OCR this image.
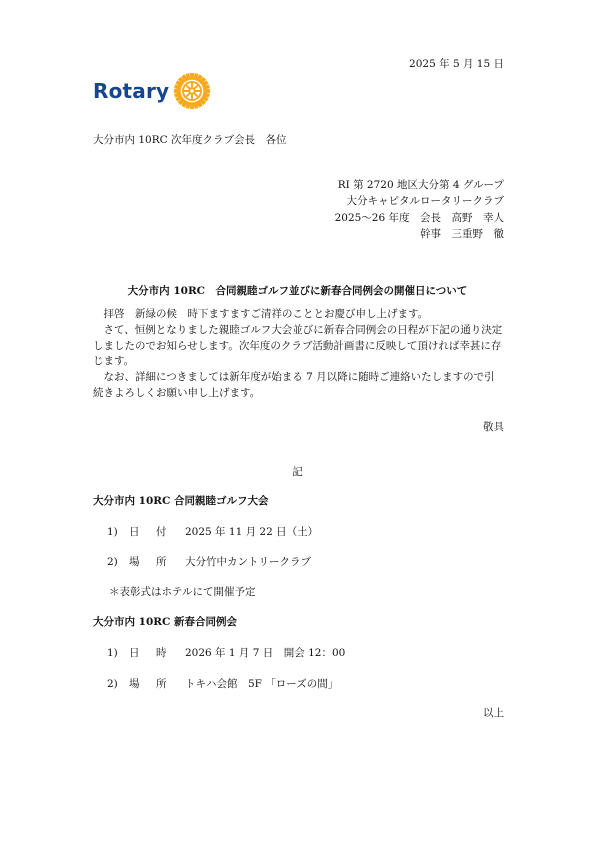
2025 年 5 月 15 日
Rotary
大分市内 10RC 次年度クラブ会長　各位
RI 第 2720 地区大分第 4 グループ
大分キャピタルロータリークラブ
2025～26 年度　会長　高野　幸人
幹事　三重野　徹
大分市内 10RC　合同親睦ゴルフ並びに新春合同例会の開催日について

拝啓　新緑の候　時下ますますご清祥のこととお慶び申し上げます。

さて、恒例となりました親睦ゴルフ大会並びに新春合同例会の日程が下記の通り決定しましたのでお知らせします。次年度のクラブ活動計画書に反映して頂ければ幸甚に存じます。

なお、詳細につきましては新年度が始まる 7 月以降に随時ご連絡いたしますので引続きよろしくお願い申し上げます。

敬具
記
大分市内 10RC 合同親睦ゴルフ大会
1) 日　付 2025 年 11 月 22 日（土）
2) 場　所 大分竹中カントリークラブ
＊表彰式はホテルにて開催予定
大分市内 10RC 新春合同例会
1) 日　時 2026 年 1 月 7 日　開会 12：00
2) 場　所 トキハ会館　5F 「ローズの間」
以上
